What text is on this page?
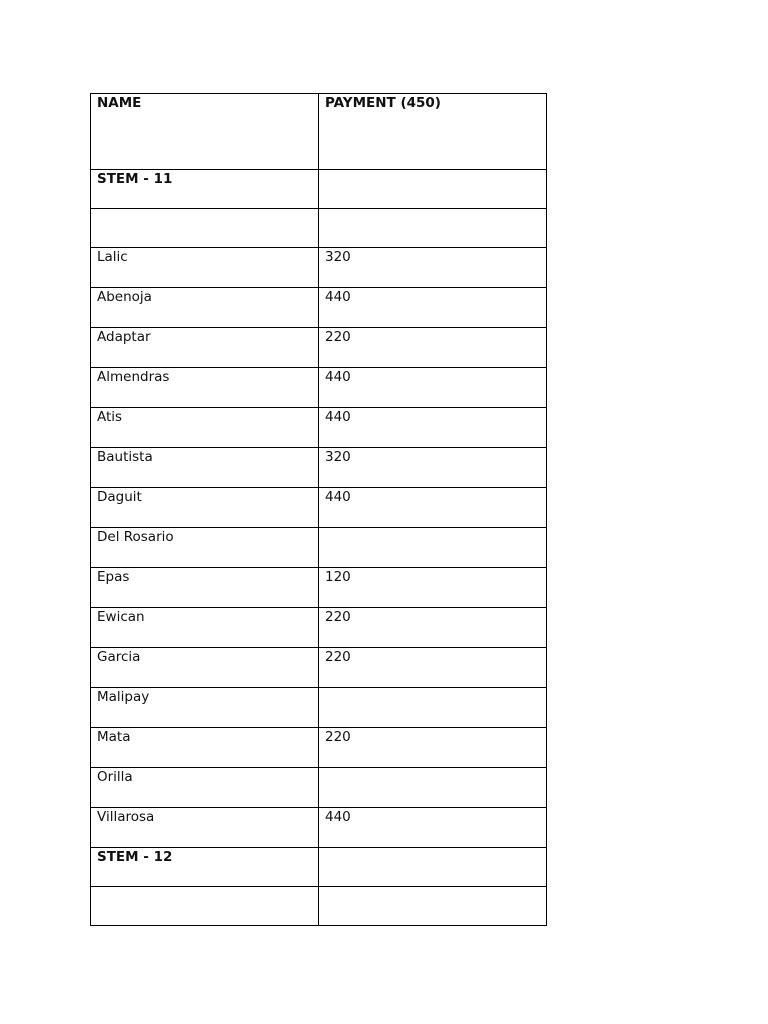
NAME	PAYMENT (450)

STEM - 11	

Lalic	320

Abenoja	440

Adaptar	220

Almendras	440

Atis	440

Bautista	320

Daguit	440

Del Rosario	

Epas	120

Ewican	220

Garcia	220

Malipay	

Mata	220

Orilla	

Villarosa	440

STEM - 12	
